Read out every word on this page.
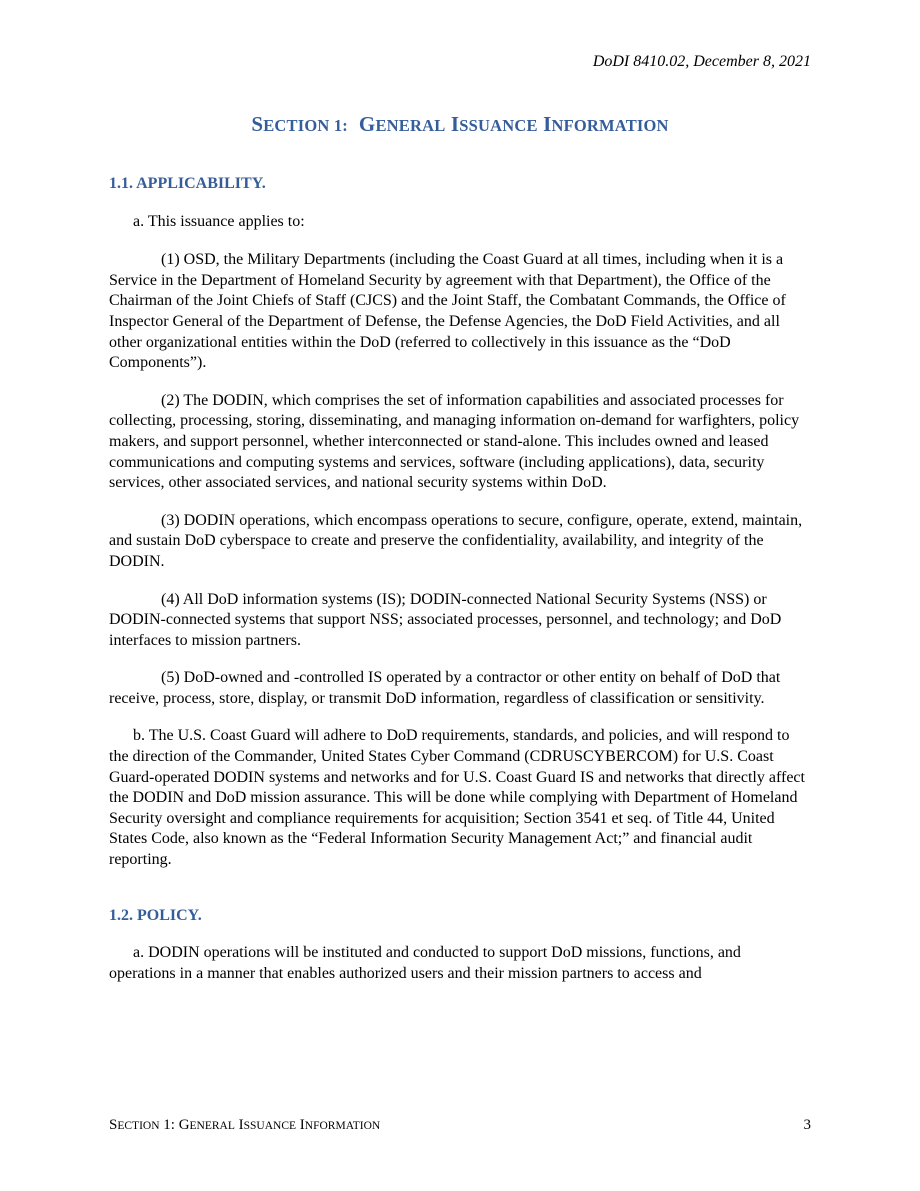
DoDI 8410.02, December 8, 2021
SECTION 1: GENERAL ISSUANCE INFORMATION
1.1. APPLICABILITY.

a. This issuance applies to:

(1) OSD, the Military Departments (including the Coast Guard at all times, including when it is a Service in the Department of Homeland Security by agreement with that Department), the Office of the Chairman of the Joint Chiefs of Staff (CJCS) and the Joint Staff, the Combatant Commands, the Office of Inspector General of the Department of Defense, the Defense Agencies, the DoD Field Activities, and all other organizational entities within the DoD (referred to collectively in this issuance as the “DoD Components”).

(2) The DODIN, which comprises the set of information capabilities and associated processes for collecting, processing, storing, disseminating, and managing information on-demand for warfighters, policy makers, and support personnel, whether interconnected or stand-alone. This includes owned and leased communications and computing systems and services, software (including applications), data, security services, other associated services, and national security systems within DoD.

(3) DODIN operations, which encompass operations to secure, configure, operate, extend, maintain, and sustain DoD cyberspace to create and preserve the confidentiality, availability, and integrity of the DODIN.

(4) All DoD information systems (IS); DODIN-connected National Security Systems (NSS) or DODIN-connected systems that support NSS; associated processes, personnel, and technology; and DoD interfaces to mission partners.

(5) DoD-owned and -controlled IS operated by a contractor or other entity on behalf of DoD that receive, process, store, display, or transmit DoD information, regardless of classification or sensitivity.

b. The U.S. Coast Guard will adhere to DoD requirements, standards, and policies, and will respond to the direction of the Commander, United States Cyber Command (CDRUSCYBERCOM) for U.S. Coast Guard-operated DODIN systems and networks and for U.S. Coast Guard IS and networks that directly affect the DODIN and DoD mission assurance. This will be done while complying with Department of Homeland Security oversight and compliance requirements for acquisition; Section 3541 et seq. of Title 44, United States Code, also known as the “Federal Information Security Management Act;” and financial audit reporting.

1.2. POLICY.

a. DODIN operations will be instituted and conducted to support DoD missions, functions, and operations in a manner that enables authorized users and their mission partners to access and

SECTION 1: GENERAL ISSUANCE INFORMATION	3
